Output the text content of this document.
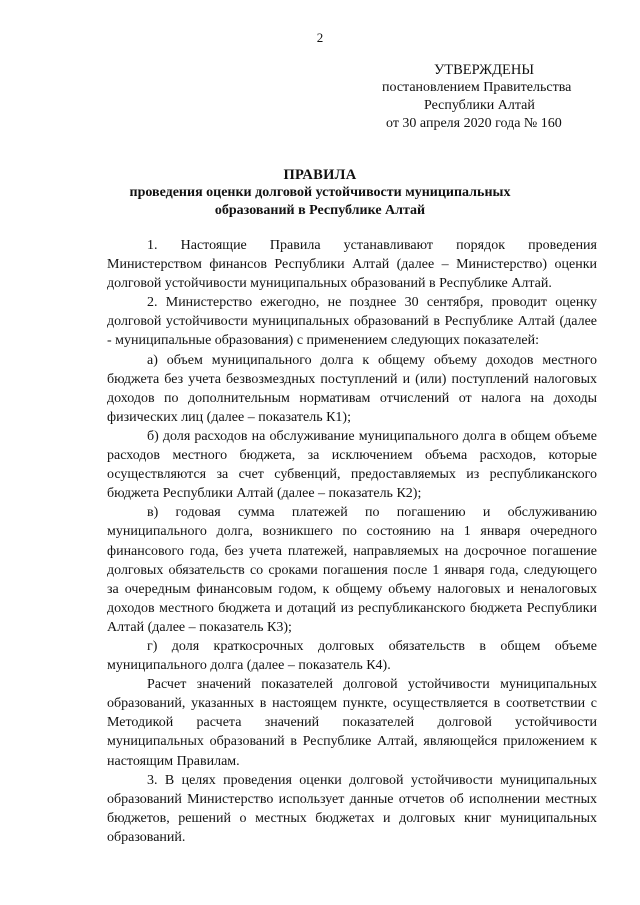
2
УТВЕРЖДЕНЫ
постановлением Правительства
Республики Алтай
от 30 апреля 2020 года № 160
ПРАВИЛА
проведения оценки долговой устойчивости муниципальных
образований в Республике Алтай

1. Настоящие Правила устанавливают порядок проведения Министерством финансов Республики Алтай (далее – Министерство) оценки долговой устойчивости муниципальных образований в Республике Алтай.

2. Министерство ежегодно, не позднее 30 сентября, проводит оценку долговой устойчивости муниципальных образований в Республике Алтай (далее - муниципальные образования) с применением следующих показателей:

а) объем муниципального долга к общему объему доходов местного бюджета без учета безвозмездных поступлений и (или) поступлений налоговых доходов по дополнительным нормативам отчислений от налога на доходы физических лиц (далее – показатель К1);

б) доля расходов на обслуживание муниципального долга в общем объеме расходов местного бюджета, за исключением объема расходов, которые осуществляются за счет субвенций, предоставляемых из республиканского бюджета Республики Алтай (далее – показатель К2);

в) годовая сумма платежей по погашению и обслуживанию муниципального долга, возникшего по состоянию на 1 января очередного финансового года, без учета платежей, направляемых на досрочное погашение долговых обязательств со сроками погашения после 1 января года, следующего за очередным финансовым годом, к общему объему налоговых и неналоговых доходов местного бюджета и дотаций из республиканского бюджета Республики Алтай (далее – показатель К3);

г) доля краткосрочных долговых обязательств в общем объеме муниципального долга (далее – показатель К4).

Расчет значений показателей долговой устойчивости муниципальных образований, указанных в настоящем пункте, осуществляется в соответствии с Методикой расчета значений показателей долговой устойчивости муниципальных образований в Республике Алтай, являющейся приложением к настоящим Правилам.

3. В целях проведения оценки долговой устойчивости муниципальных образований Министерство использует данные отчетов об исполнении местных бюджетов, решений о местных бюджетах и долговых книг муниципальных образований.
